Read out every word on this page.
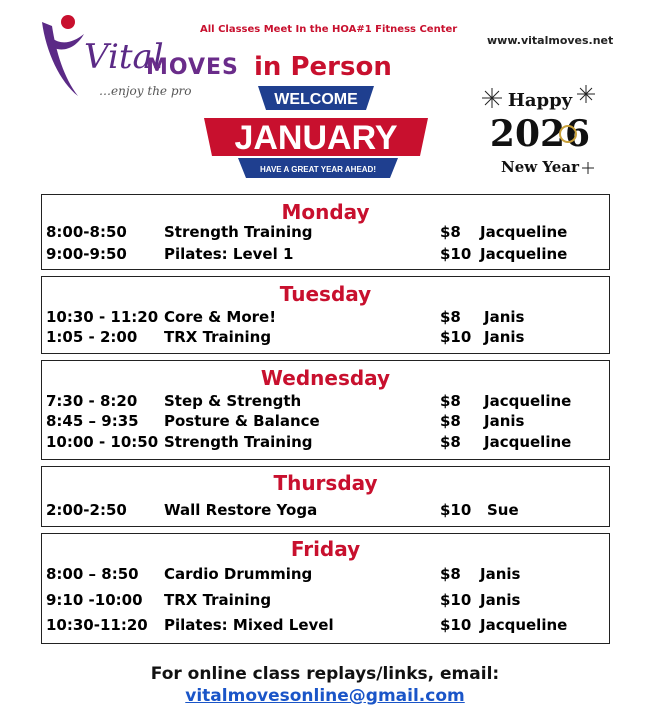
Vital
MOVES
…enjoy the pro
All Classes Meet In the HOA#1 Fitness Center
www.vitalmoves.net
in Person
WELCOME
JANUARY
HAVE A GREAT YEAR AHEAD!
Happy
2026
New Year
Monday
8:00-8:50 Strength Training	$8 Jacqueline
9:00-9:50 Pilates: Level 1	$10 Jacqueline
Tuesday
10:30 - 11:20 Core & More!	$8 Janis
1:05 - 2:00 TRX Training	$10 Janis
Wednesday
7:30 - 8:20 Step & Strength	$8 Jacqueline
8:45 – 9:35 Posture & Balance	$8 Janis
10:00 - 10:50 Strength Training	$8 Jacqueline
Thursday
2:00-2:50 Wall Restore Yoga	$10 Sue
Friday
8:00 – 8:50 Cardio Drumming	$8 Janis
9:10 -10:00 TRX Training	$10 Janis
10:30-11:20 Pilates: Mixed Level	$10 Jacqueline
For online class replays/links, email:
vitalmovesonline@gmail.com
